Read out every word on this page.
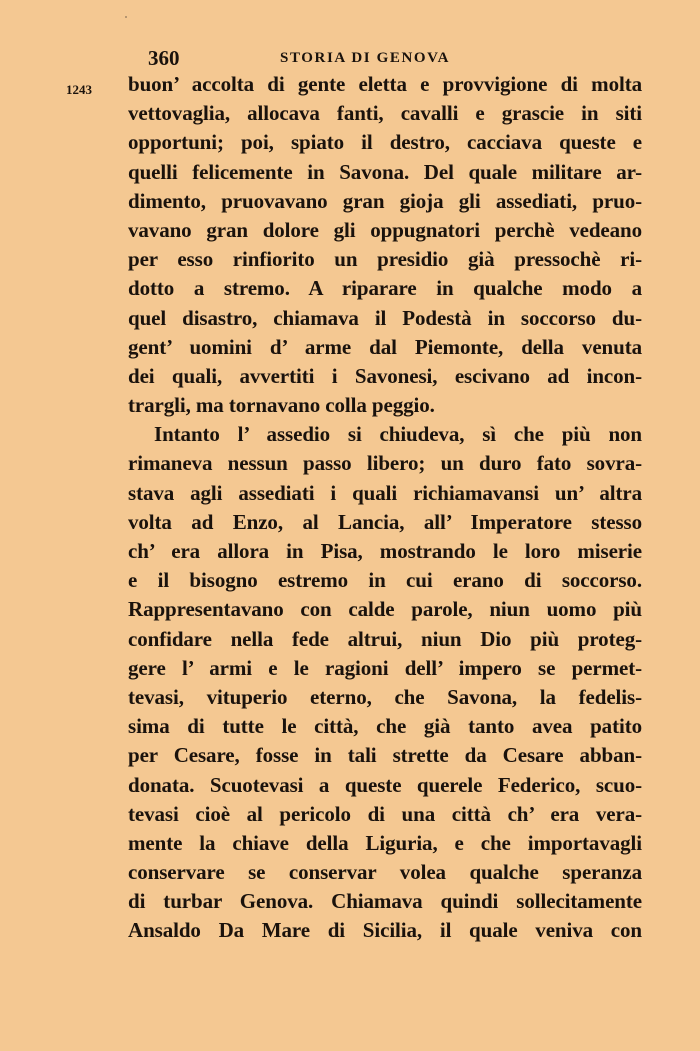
360	STORIA DI GENOVA
1243 buon’ accolta di gente eletta e provvigione di molta
vettovaglia, allocava fanti, cavalli e grascie in siti
opportuni; poi, spiato il destro, cacciava queste e
quelli felicemente in Savona. Del quale militare ar-
dimento, pruovavano gran gioja gli assediati, pruo-
vavano gran dolore gli oppugnatori perchè vedeano
per esso rinfiorito un presidio già pressochè ri-
dotto a stremo. A riparare in qualche modo a
quel disastro, chiamava il Podestà in soccorso du-
gent’ uomini d’ arme dal Piemonte, della venuta
dei quali, avvertiti i Savonesi, escivano ad incon-
trargli, ma tornavano colla peggio.
Intanto l’ assedio si chiudeva, sì che più non
rimaneva nessun passo libero; un duro fato sovra-
stava agli assediati i quali richiamavansi un’ altra
volta ad Enzo, al Lancia, all’ Imperatore stesso
ch’ era allora in Pisa, mostrando le loro miserie
e il bisogno estremo in cui erano di soccorso.
Rappresentavano con calde parole, niun uomo più
confidare nella fede altrui, niun Dio più proteg-
gere l’ armi e le ragioni dell’ impero se permet-
tevasi, vituperio eterno, che Savona, la fedelis-
sima di tutte le città, che già tanto avea patito
per Cesare, fosse in tali strette da Cesare abban-
donata. Scuotevasi a queste querele Federico, scuo-
tevasi cioè al pericolo di una città ch’ era vera-
mente la chiave della Liguria, e che importavagli
conservare se conservar volea qualche speranza
di turbar Genova. Chiamava quindi sollecitamente
Ansaldo Da Mare di Sicilia, il quale veniva con
